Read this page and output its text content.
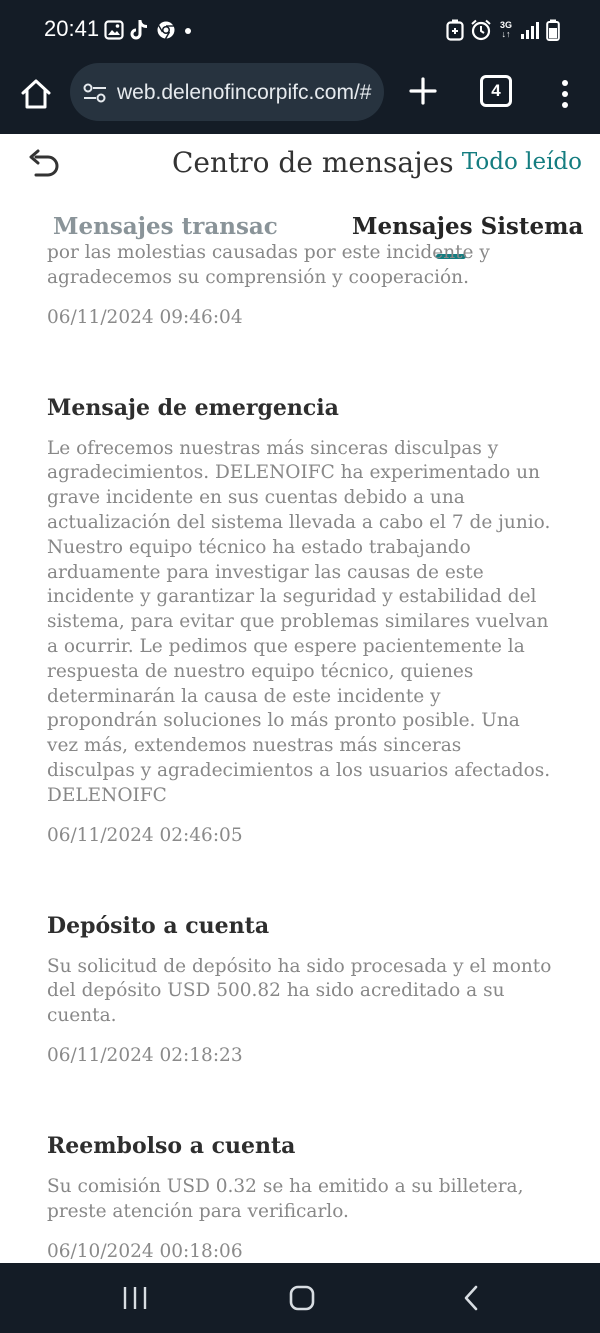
20:41	3G
↓↑
web.delenofincorpifc.com/#	4
Centro de mensajes Todo leído
Mensajes transac	Mensajes Sistema

por las molestias causadas por este incidente y agradecemos su comprensión y cooperación.

06/11/2024 09:46:04

Mensaje de emergencia

Le ofrecemos nuestras más sinceras disculpas y agradecimientos. DELENOIFC ha experimentado un grave incidente en sus cuentas debido a una actualización del sistema llevada a cabo el 7 de junio. Nuestro equipo técnico ha estado trabajando arduamente para investigar las causas de este incidente y garantizar la seguridad y estabilidad del sistema, para evitar que problemas similares vuelvan a ocurrir. Le pedimos que espere pacientemente la respuesta de nuestro equipo técnico, quienes determinarán la causa de este incidente y propondrán soluciones lo más pronto posible. Una vez más, extendemos nuestras más sinceras disculpas y agradecimientos a los usuarios afectados. DELENOIFC

06/11/2024 02:46:05

Depósito a cuenta

Su solicitud de depósito ha sido procesada y el monto del depósito USD 500.82 ha sido acreditado a su cuenta.

06/11/2024 02:18:23

Reembolso a cuenta

Su comisión USD 0.32 se ha emitido a su billetera, preste atención para verificarlo.

06/10/2024 00:18:06
